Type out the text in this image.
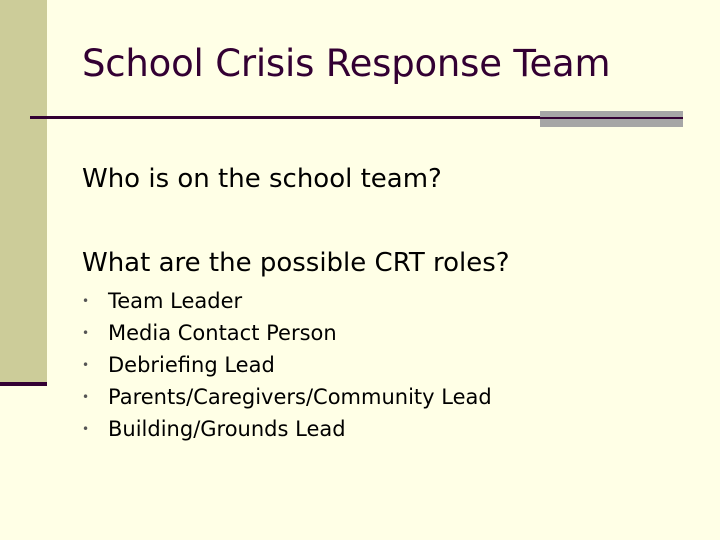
School Crisis Response Team

Who is on the school team?

What are the possible CRT roles?

• Team Leader
• Media Contact Person
• Debriefing Lead
• Parents/Caregivers/Community Lead
• Building/Grounds Lead
